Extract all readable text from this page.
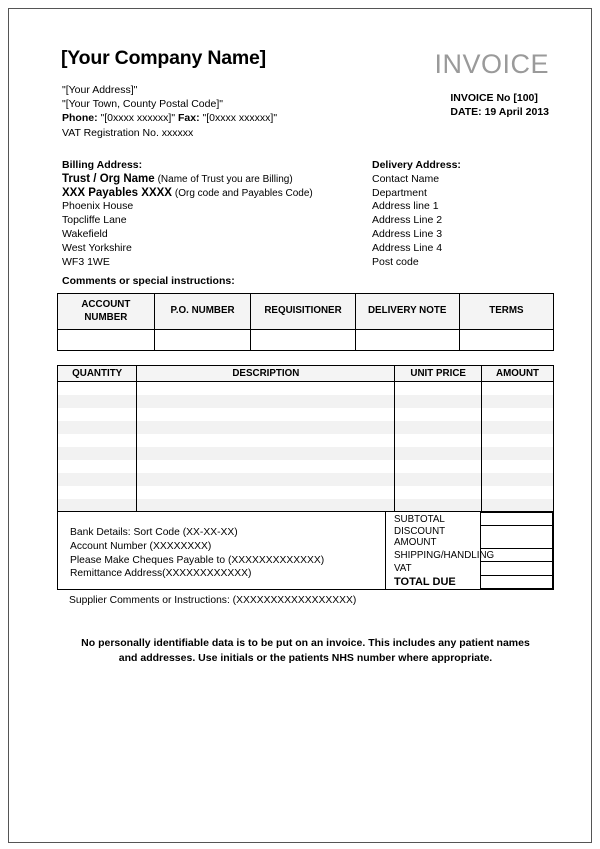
[Your Company Name]	INVOICE
INVOICE No [100]
DATE: 19 April 2013
"[Your Address]"
"[Your Town, County Postal Code]"
Phone: "[0xxxx xxxxxx]" Fax: "[0xxxx xxxxxx]"
VAT Registration No. xxxxxx
Billing Address:
Trust / Org Name (Name of Trust you are Billing)
XXX Payables XXXX (Org code and Payables Code)
Phoenix House
Topcliffe Lane
Wakefield
West Yorkshire
WF3 1WE
Delivery Address:
Contact Name
Department
Address line 1
Address Line 2
Address Line 3
Address Line 4
Post code
Comments or special instructions:
ACCOUNT NUMBER	P.O. NUMBER	REQUISITIONER	DELIVERY NOTE	TERMS

QUANTITY	DESCRIPTION	UNIT PRICE	AMOUNT

Bank Details: Sort Code (XX-XX-XX)
Account Number (XXXXXXXX)
Please Make Cheques Payable to (XXXXXXXXXXXXX)
Remittance Address(XXXXXXXXXXXX)
SUBTOTAL	
DISCOUNT AMOUNT	
SHIPPING/HANDLING	
VAT	
TOTAL DUE	
Supplier Comments or Instructions: (XXXXXXXXXXXXXXXXX)
No personally identifiable data is to be put on an invoice. This includes any patient names
and addresses. Use initials or the patients NHS number where appropriate.
